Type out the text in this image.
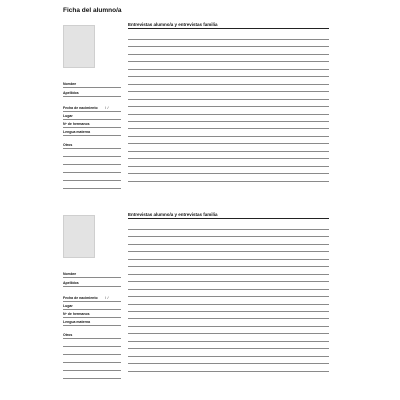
Ficha del alumno/a
Nombre
Apellidos
Fecha de nacimiento / /
Lugar
Nº de hermanos
Lengua materna
Otros
Entrevistas alumno/a y entrevistas familia
Nombre
Apellidos
Fecha de nacimiento / /
Lugar
Nº de hermanos
Lengua materna
Otros
Entrevistas alumno/a y entrevistas familia
